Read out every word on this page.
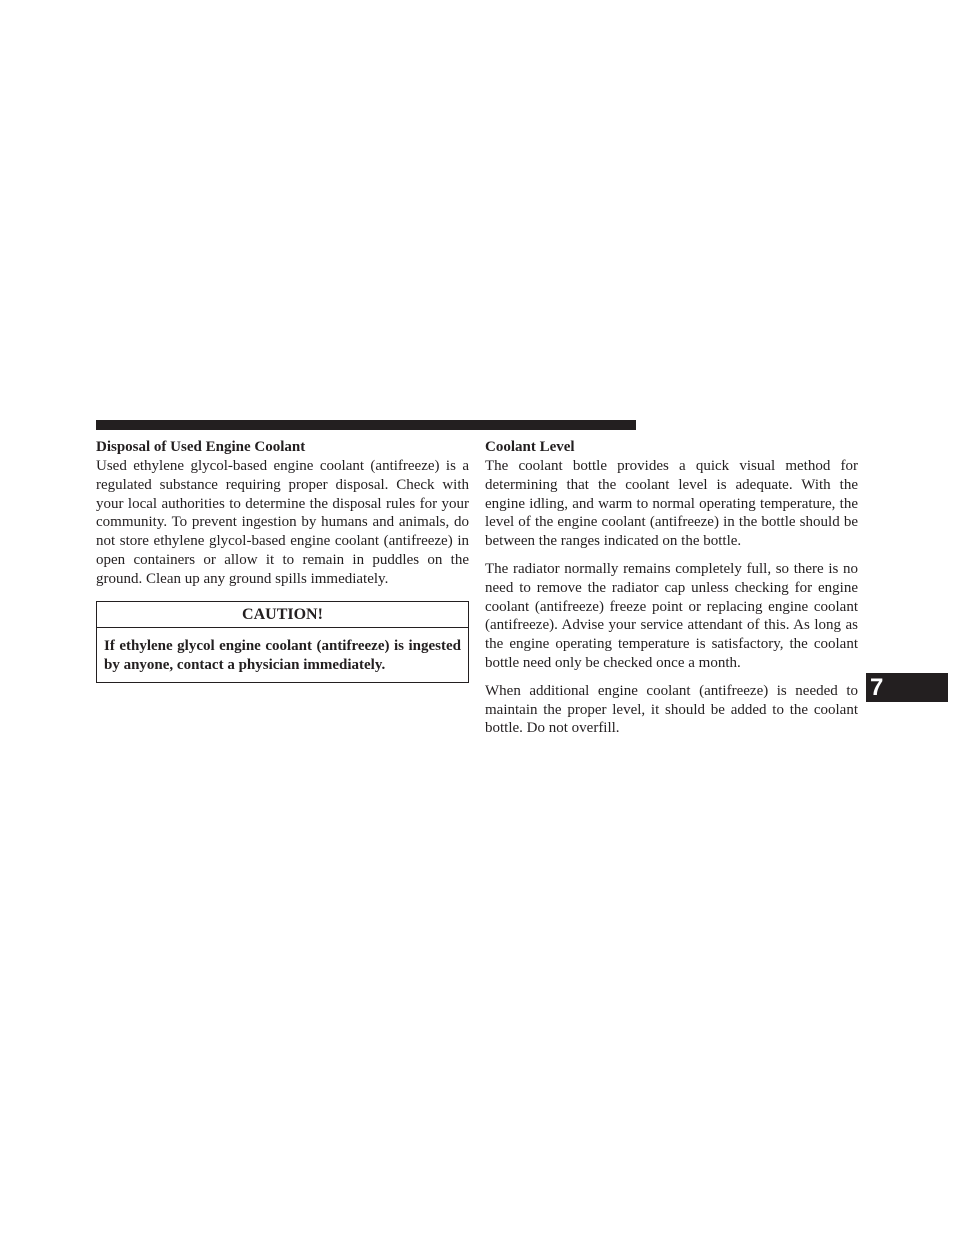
Disposal of Used Engine Coolant

Used ethylene glycol-based engine coolant (antifreeze) is a regulated substance requiring proper disposal. Check with your local authorities to determine the disposal rules for your community. To prevent ingestion by humans and animals, do not store ethylene glycol-based engine coolant (antifreeze) in open containers or allow it to remain in puddles on the ground. Clean up any ground spills immediately.

CAUTION!
If ethylene glycol engine coolant (antifreeze) is ingested by anyone, contact a physician immediately.
Coolant Level

The coolant bottle provides a quick visual method for determining that the coolant level is adequate. With the engine idling, and warm to normal operating temperature, the level of the engine coolant (antifreeze) in the bottle should be between the ranges indicated on the bottle.

The radiator normally remains completely full, so there is no need to remove the radiator cap unless checking for engine coolant (antifreeze) freeze point or replacing engine coolant (antifreeze). Advise your service attendant of this. As long as the engine operating temperature is satisfactory, the coolant bottle need only be checked once a month.

When additional engine coolant (antifreeze) is needed to maintain the proper level, it should be added to the coolant bottle. Do not overfill.

7
